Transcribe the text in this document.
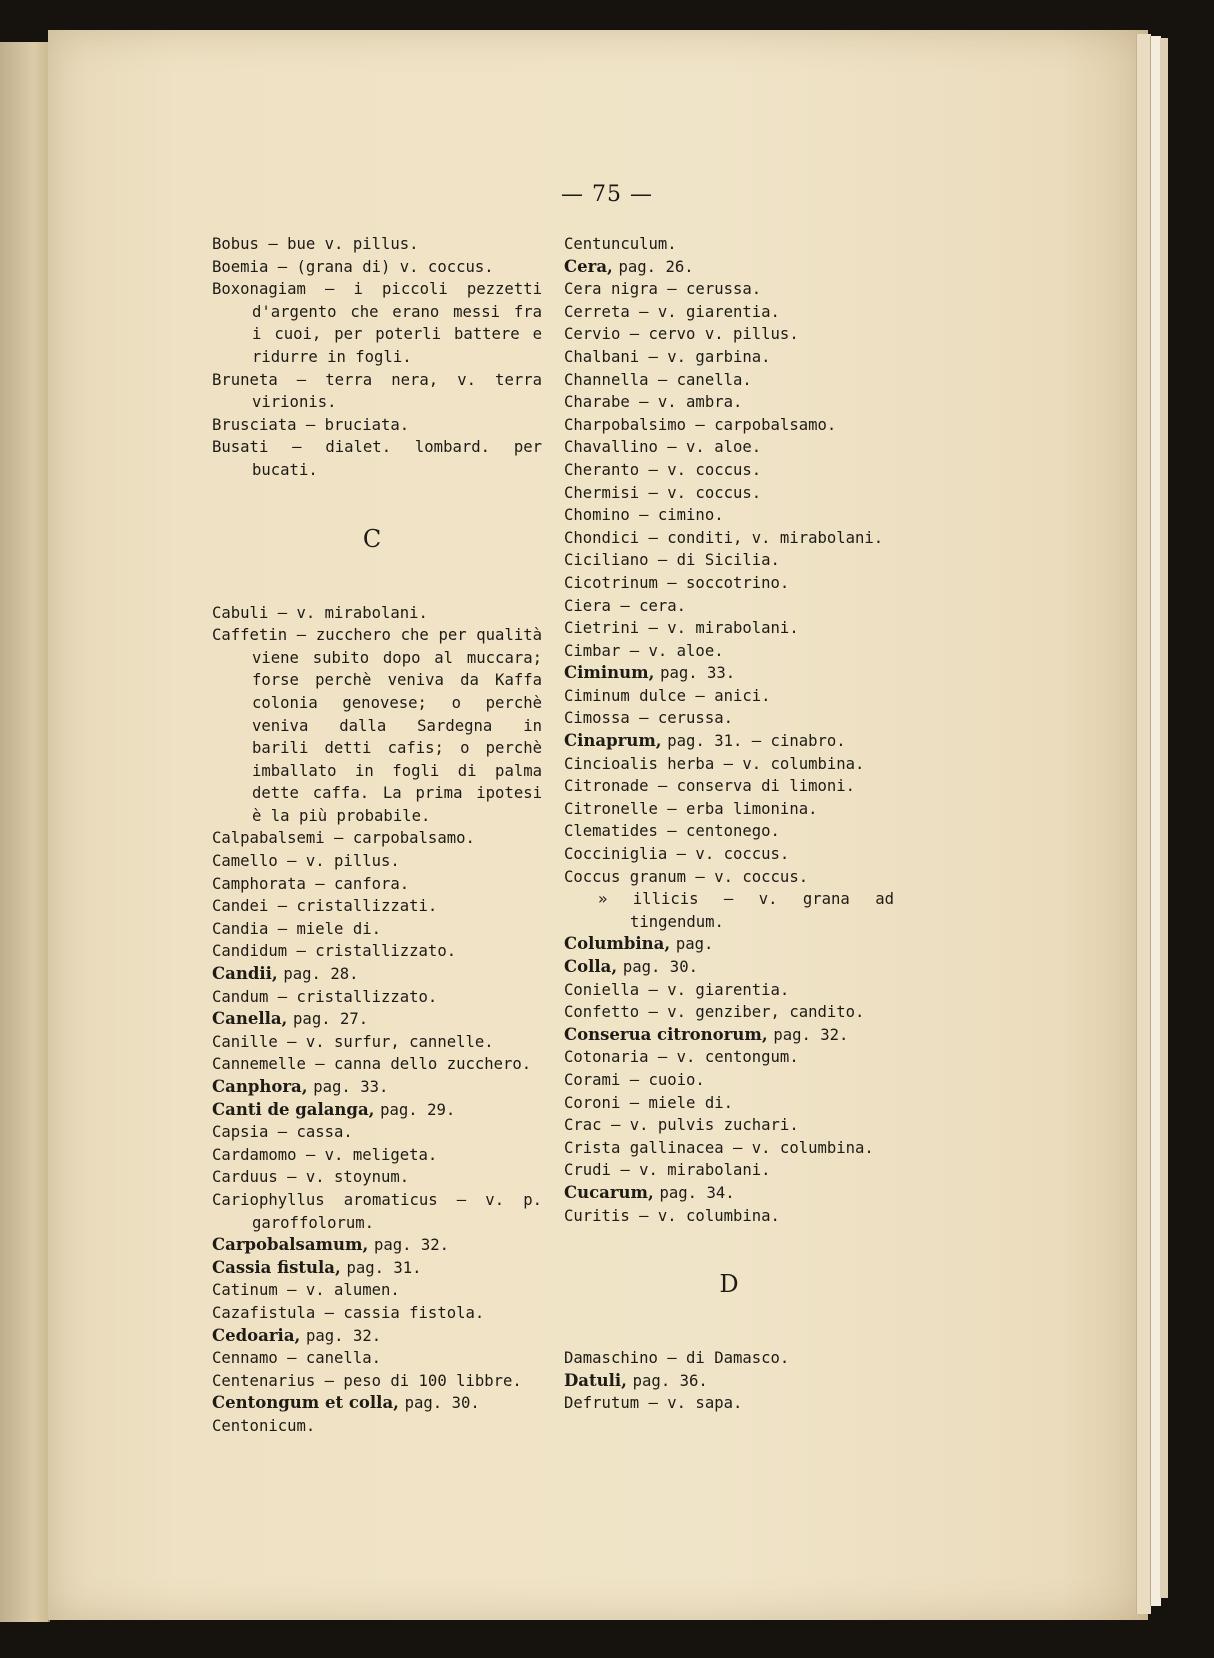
— 75 —
Bobus — bue v. pillus.
Boemia — (grana di) v. coccus.
Boxonagiam — i piccoli pezzetti d'argento che erano messi fra i cuoi, per poterli battere e ridurre in fogli.
Bruneta — terra nera, v. terra virionis.
Brusciata — bruciata.
Busati — dialet. lombard. per bucati.
C
Cabuli — v. mirabolani.
Caffetin — zucchero che per qualità viene subito dopo al muccara; forse perchè veniva da Kaffa colonia genovese; o perchè veniva dalla Sardegna in barili detti cafis; o perchè imballato in fogli di palma dette caffa. La prima ipotesi è la più probabile.
Calpabalsemi — carpobalsamo.
Camello — v. pillus.
Camphorata — canfora.
Candei — cristallizzati.
Candia — miele di.
Candidum — cristallizzato.
Candii, pag. 28.
Candum — cristallizzato.
Canella, pag. 27.
Canille — v. surfur, cannelle.
Cannemelle — canna dello zucchero.
Canphora, pag. 33.
Canti de galanga, pag. 29.
Capsia — cassa.
Cardamomo — v. meligeta.
Carduus — v. stoynum.
Cariophyllus aromaticus — v. p. garoffolorum.
Carpobalsamum, pag. 32.
Cassia fistula, pag. 31.
Catinum — v. alumen.
Cazafistula — cassia fistola.
Cedoaria, pag. 32.
Cennamo — canella.
Centenarius — peso di 100 libbre.
Centongum et colla, pag. 30.
Centonicum.
Centunculum.
Cera, pag. 26.
Cera nigra — cerussa.
Cerreta — v. giarentia.
Cervio — cervo v. pillus.
Chalbani — v. garbina.
Channella — canella.
Charabe — v. ambra.
Charpobalsimo — carpobalsamo.
Chavallino — v. aloe.
Cheranto — v. coccus.
Chermisi — v. coccus.
Chomino — cimino.
Chondici — conditi, v. mirabolani.
Ciciliano — di Sicilia.
Cicotrinum — soccotrino.
Ciera — cera.
Cietrini — v. mirabolani.
Cimbar — v. aloe.
Ciminum, pag. 33.
Ciminum dulce — anici.
Cimossa — cerussa.
Cinaprum, pag. 31. — cinabro.
Cincioalis herba — v. columbina.
Citronade — conserva di limoni.
Citronelle — erba limonina.
Clematides — centonego.
Cocciniglia — v. coccus.
Coccus granum — v. coccus.
» illicis — v. grana ad tingendum.
Columbina, pag.
Colla, pag. 30.
Coniella — v. giarentia.
Confetto — v. genziber, candito.
Conserua citronorum, pag. 32.
Cotonaria — v. centongum.
Corami — cuoio.
Coroni — miele di.
Crac — v. pulvis zuchari.
Crista gallinacea — v. columbina.
Crudi — v. mirabolani.
Cucarum, pag. 34.
Curitis — v. columbina.
D
Damaschino — di Damasco.
Datuli, pag. 36.
Defrutum — v. sapa.
